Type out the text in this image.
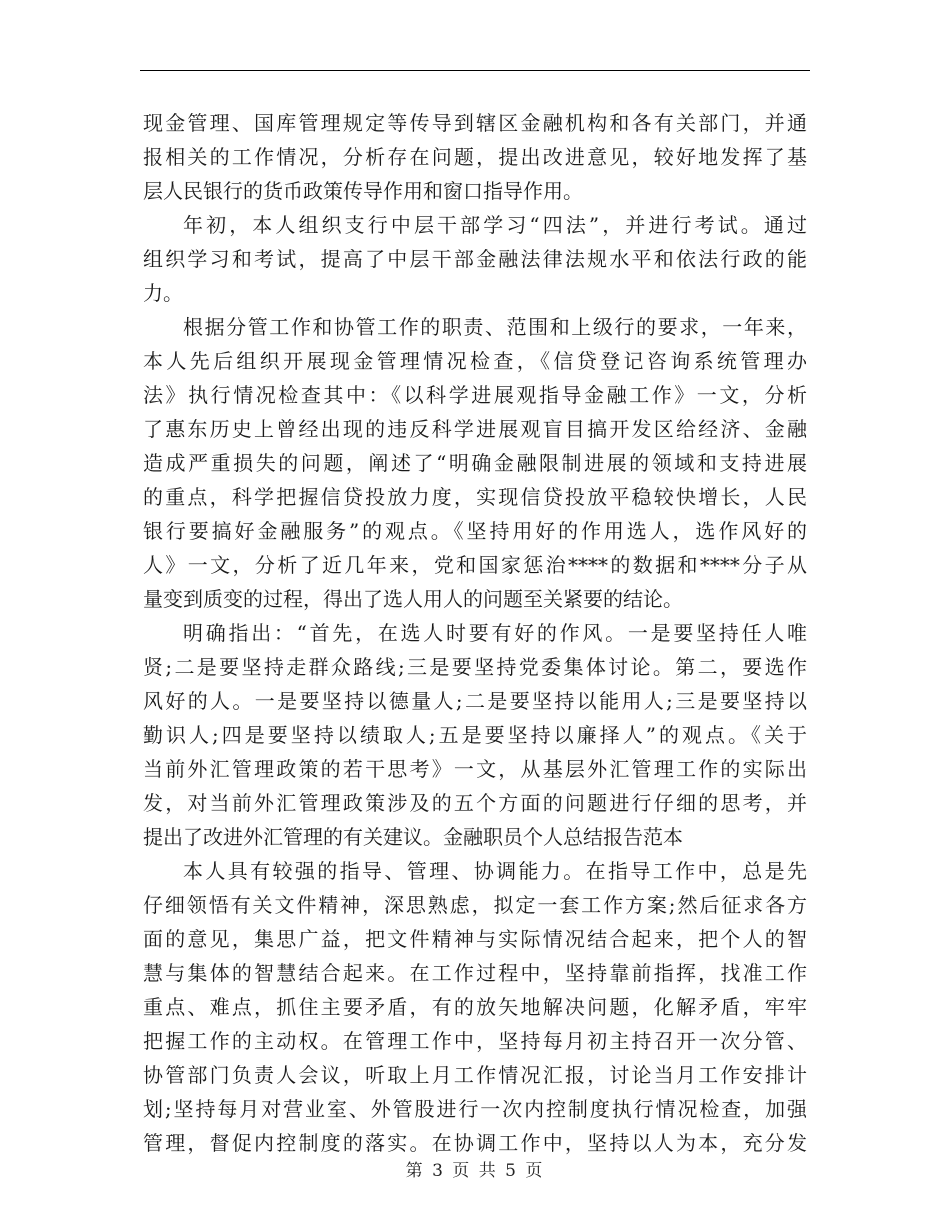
现金管理、国库管理规定等传导到辖区金融机构和各有关部门，并通
报相关的工作情况，分析存在问题，提出改进意见，较好地发挥了基
层人民银行的货币政策传导作用和窗口指导作用。
年初，本人组织支行中层干部学习“四法”，并进行考试。通过
组织学习和考试，提高了中层干部金融法律法规水平和依法行政的能
力。
根据分管工作和协管工作的职责、范围和上级行的要求，一年来，
本人先后组织开展现金管理情况检查，《信贷登记咨询系统管理办
法》执行情况检查其中：《以科学进展观指导金融工作》一文，分析
了惠东历史上曾经出现的违反科学进展观盲目搞开发区给经济、金融
造成严重损失的问题，阐述了“明确金融限制进展的领域和支持进展
的重点，科学把握信贷投放力度，实现信贷投放平稳较快增长，人民
银行要搞好金融服务”的观点。《坚持用好的作用选人，选作风好的
人》一文，分析了近几年来，党和国家惩治****的数据和****分子从
量变到质变的过程，得出了选人用人的问题至关紧要的结论。
明确指出：“首先，在选人时要有好的作风。一是要坚持任人唯
贤;二是要坚持走群众路线;三是要坚持党委集体讨论。第二，要选作
风好的人。一是要坚持以德量人;二是要坚持以能用人;三是要坚持以
勤识人;四是要坚持以绩取人;五是要坚持以廉择人”的观点。《关于
当前外汇管理政策的若干思考》一文，从基层外汇管理工作的实际出
发，对当前外汇管理政策涉及的五个方面的问题进行仔细的思考，并
提出了改进外汇管理的有关建议。金融职员个人总结报告范本
本人具有较强的指导、管理、协调能力。在指导工作中，总是先
仔细领悟有关文件精神，深思熟虑，拟定一套工作方案;然后征求各方
面的意见，集思广益，把文件精神与实际情况结合起来，把个人的智
慧与集体的智慧结合起来。在工作过程中，坚持靠前指挥，找准工作
重点、难点，抓住主要矛盾，有的放矢地解决问题，化解矛盾，牢牢
把握工作的主动权。在管理工作中，坚持每月初主持召开一次分管、
协管部门负责人会议，听取上月工作情况汇报，讨论当月工作安排计
划;坚持每月对营业室、外管股进行一次内控制度执行情况检查，加强
管理，督促内控制度的落实。在协调工作中，坚持以人为本，充分发
第 3 页 共 5 页
